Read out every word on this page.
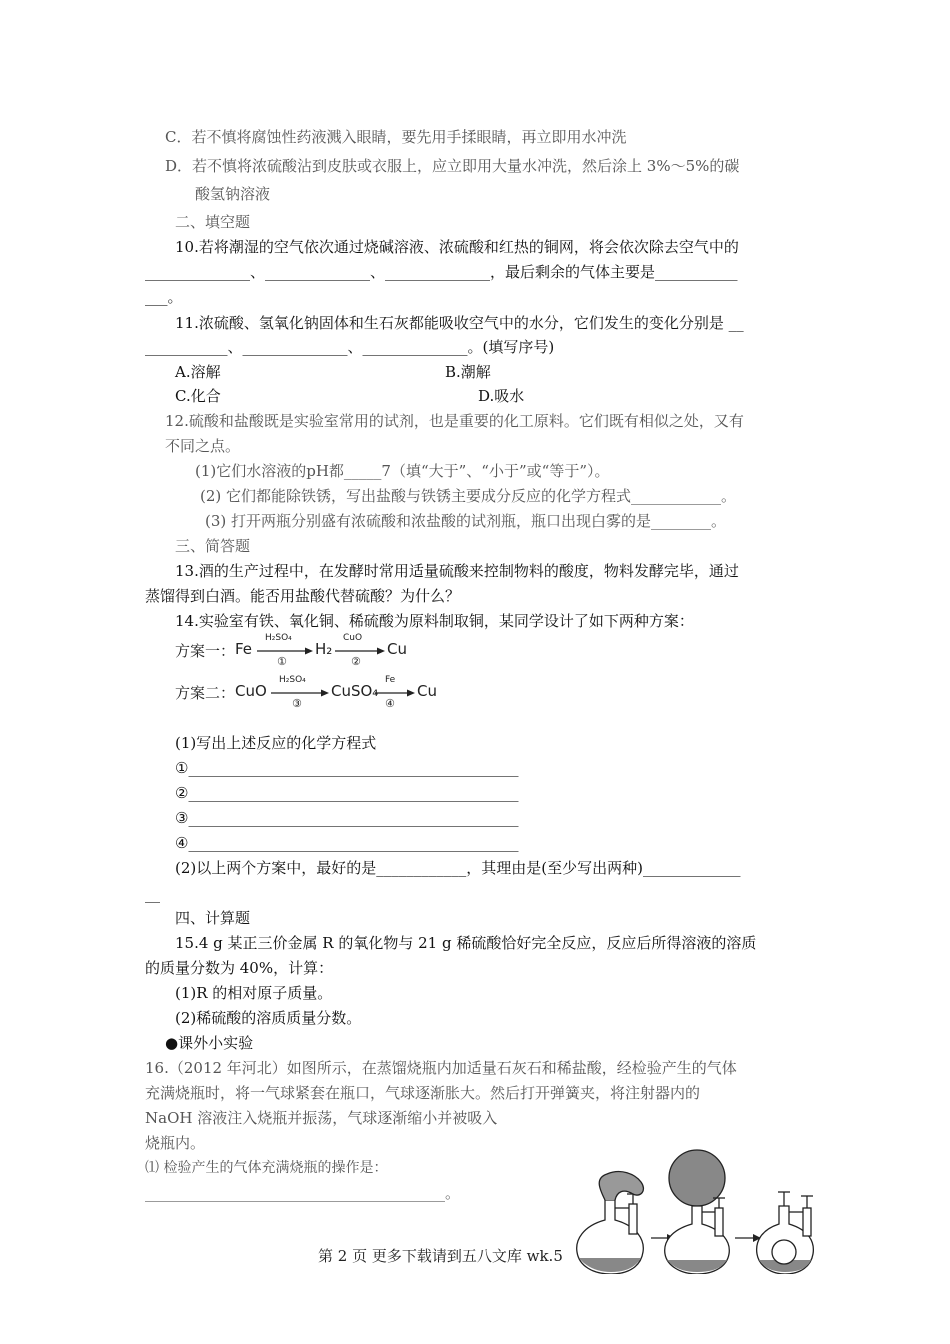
C．若不慎将腐蚀性药液溅入眼睛，要先用手揉眼睛，再立即用水冲洗
D．若不慎将浓硫酸沾到皮肤或衣服上，应立即用大量水冲洗，然后涂上 3%～5%的碳
酸氢钠溶液
二、填空题
10.若将潮湿的空气依次通过烧碱溶液、浓硫酸和红热的铜网，将会依次除去空气中的
______________、______________、______________，最后剩余的气体主要是___________
___。
11.浓硫酸、氢氧化钠固体和生石灰都能吸收空气中的水分，它们发生的变化分别是 __
___________、______________、______________。(填写序号)
A.溶解	B.潮解
C.化合	D.吸水
12.硫酸和盐酸既是实验室常用的试剂，也是重要的化工原料。它们既有相似之处，又有
不同之点。
(1)它们水溶液的pH都_____7（填“大于”、“小于”或“等于”）。
(2) 它们都能除铁锈，写出盐酸与铁锈主要成分反应的化学方程式____________。
(3) 打开两瓶分别盛有浓硫酸和浓盐酸的试剂瓶，瓶口出现白雾的是________。
三、简答题
13.酒的生产过程中，在发酵时常用适量硫酸来控制物料的酸度，物料发酵完毕，通过
蒸馏得到白酒。能否用盐酸代替硫酸？为什么？
14.实验室有铁、氧化铜、稀硫酸为原料制取铜，某同学设计了如下两种方案：
方案一： Fe
H₂SO₄
①
H₂
CuO
②
Cu
方案二： CuO
H₂SO₄
③
CuSO₄
Fe
④
Cu
(1)写出上述反应的化学方程式
①____________________________________________
②____________________________________________
③____________________________________________
④____________________________________________
(2)以上两个方案中，最好的是____________，其理由是(至少写出两种)_____________
__
四、计算题
15.4 g 某正三价金属 R 的氧化物与 21 g 稀硫酸恰好完全反应，反应后所得溶液的溶质
的质量分数为 40%，计算：
(1)R 的相对原子质量。
(2)稀硫酸的溶质质量分数。
●课外小实验
16.（2012 年河北）如图所示，在蒸馏烧瓶内加适量石灰石和稀盐酸，经检验产生的气体
充满烧瓶时，将一气球紧套在瓶口，气球逐渐胀大。然后打开弹簧夹，将注射器内的
NaOH 溶液注入烧瓶并振荡，气球逐渐缩小并被吸入
烧瓶内。
⑴ 检验产生的气体充满烧瓶的操作是：
________________________________________。
第 2 页 更多下载请到五八文库 wk.5
